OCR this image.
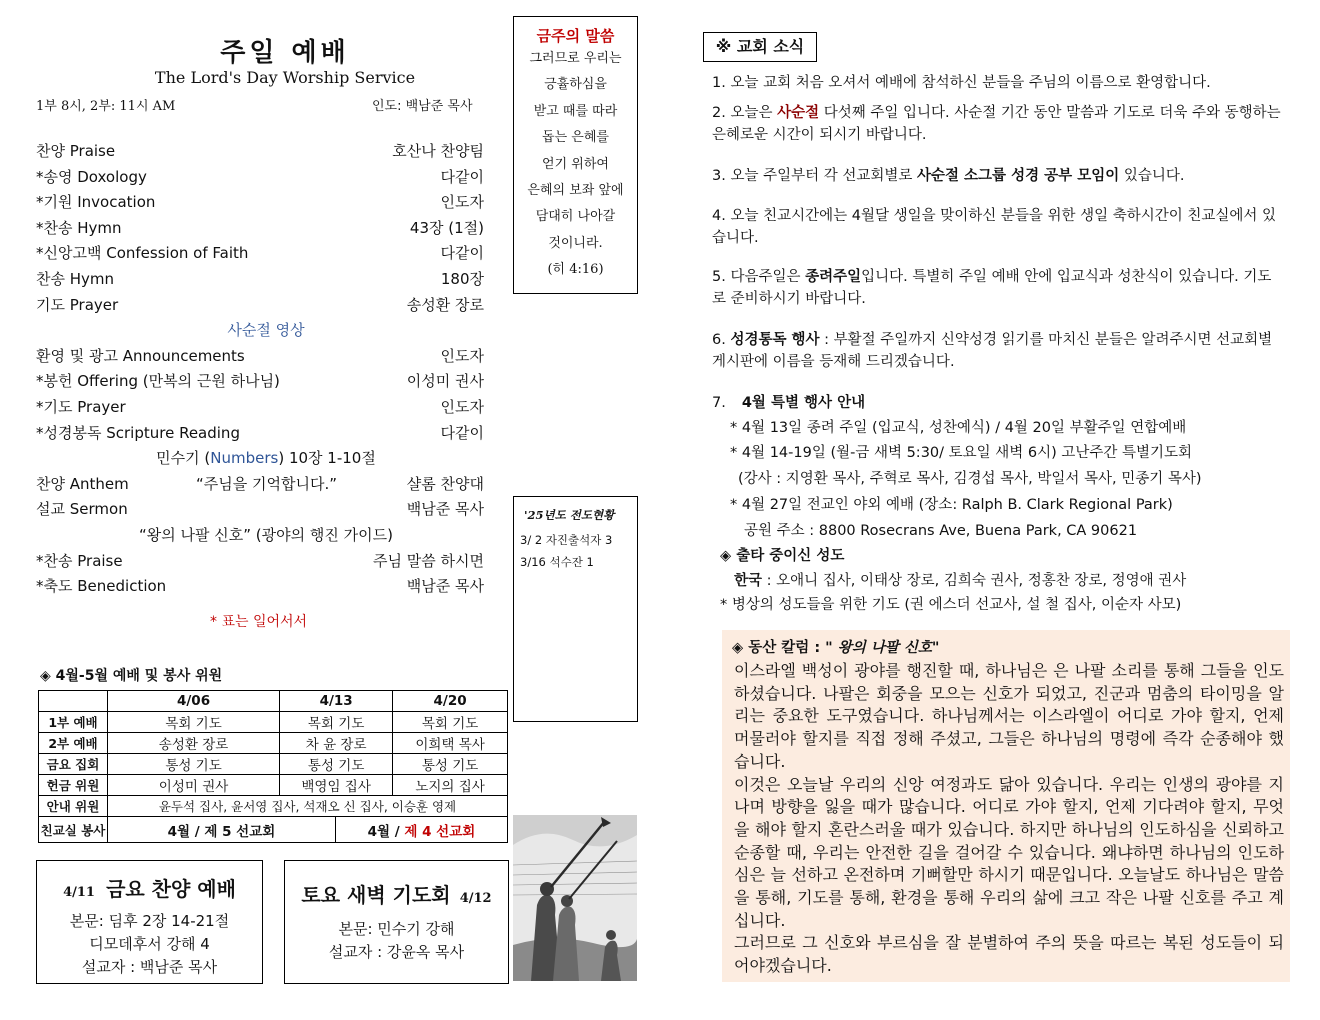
주일 예배
The Lord's Day Worship Service
1부 8시, 2부: 11시 AM	인도: 백남준 목사
찬양 Praise	호산나 찬양팀
*송영 Doxology	다같이
*기원 Invocation	인도자
*찬송 Hymn	43장 (1절)
*신앙고백 Confession of Faith	다같이
찬송 Hymn	180장
기도 Prayer	송성환 장로
사순절 영상
환영 및 광고 Announcements	인도자
*봉헌 Offering (만복의 근원 하나님)	이성미 권사
*기도 Prayer	인도자
*성경봉독 Scripture Reading	다같이
민수기 (Numbers) 10장 1-10절
찬양 Anthem	“주님을 기억합니다.”	샬롬 찬양대
설교 Sermon	백남준 목사
“왕의 나팔 신호” (광야의 행진 가이드)
*찬송 Praise	주님 말씀 하시면
*축도 Benediction	백남준 목사
* 표는 일어서서
금주의 말씀
그러므로 우리는
긍휼하심을
받고 때를 따라
돕는 은혜를
얻기 위하여
은혜의 보좌 앞에
담대히 나아갈
것이니라.
(히 4:16)
'25년도 전도현황
3/ 2 자진출석자 3
3/16 석수잔 1
◈ 4월-5월 예배 및 봉사 위원
	4/06	4/13		4/20
1부 예배	목회 기도	목회 기도		목회 기도
2부 예배	송성환 장로	차 윤 장로		이희택 목사
금요 집회	통성 기도	통성 기도		통성 기도
헌금 위원	이성미 권사	백영임 집사		노지의 집사
안내 위원	윤두석 집사, 윤서영 집사, 석재오 신 집사, 이승훈 영제			
친교실 봉사	4월 / 제 5 선교회		4월 / 제 4 선교회	
4/11 금요 찬양 예배
본문: 딤후 2장 14-21절
디모데후서 강해 4
설교자 : 백남준 목사
토요 새벽 기도회 4/12
본문: 민수기 강해
설교자 : 강윤옥 목사
※ 교회 소식
1. 오늘 교회 처음 오셔서 예배에 참석하신 분들을 주님의 이름으로 환영합니다.
2. 오늘은 사순절 다섯째 주일 입니다. 사순절 기간 동안 말씀과 기도로 더욱 주와 동행하는 은혜로운 시간이 되시기 바랍니다.
3. 오늘 주일부터 각 선교회별로 사순절 소그룹 성경 공부 모임이 있습니다.
4. 오늘 친교시간에는 4월달 생일을 맞이하신 분들을 위한 생일 축하시간이 친교실에서 있습니다.
5. 다음주일은 종려주일입니다. 특별히 주일 예배 안에 입교식과 성찬식이 있습니다. 기도로 준비하시기 바랍니다.
6. 성경통독 행사 : 부활절 주일까지 신약성경 읽기를 마치신 분들은 알려주시면 선교회별 게시판에 이름을 등재해 드리겠습니다.
7. 4월 특별 행사 안내
* 4월 13일 종려 주일 (입교식, 성찬예식) / 4월 20일 부활주일 연합예배
* 4월 14-19일 (월-금 새벽 5:30/ 토요일 새벽 6시) 고난주간 특별기도회
(강사 : 지영환 목사, 주혁로 목사, 김경섭 목사, 박일서 목사, 민종기 목사)
* 4월 27일 전교인 야외 예배 (장소: Ralph B. Clark Regional Park)
공원 주소 : 8800 Rosecrans Ave, Buena Park, CA 90621
◈ 출타 중이신 성도
한국 : 오애니 집사, 이태상 장로, 김희숙 권사, 정홍찬 장로, 정영애 권사
* 병상의 성도들을 위한 기도 (권 에스더 선교사, 설 철 집사, 이순자 사모)
◈ 동산 칼럼 : " 왕의 나팔 신호"

이스라엘 백성이 광야를 행진할 때, 하나님은 은 나팔 소리를 통해 그들을 인도하셨습니다. 나팔은 회중을 모으는 신호가 되었고, 진군과 멈춤의 타이밍을 알리는 중요한 도구였습니다. 하나님께서는 이스라엘이 어디로 가야 할지, 언제 머물러야 할지를 직접 정해 주셨고, 그들은 하나님의 명령에 즉각 순종해야 했습니다.

이것은 오늘날 우리의 신앙 여정과도 닮아 있습니다. 우리는 인생의 광야를 지나며 방향을 잃을 때가 많습니다. 어디로 가야 할지, 언제 기다려야 할지, 무엇을 해야 할지 혼란스러울 때가 있습니다. 하지만 하나님의 인도하심을 신뢰하고 순종할 때, 우리는 안전한 길을 걸어갈 수 있습니다. 왜냐하면 하나님의 인도하심은 늘 선하고 온전하며 기뻐할만 하시기 때문입니다. 오늘날도 하나님은 말씀을 통해, 기도를 통해, 환경을 통해 우리의 삶에 크고 작은 나팔 신호를 주고 계십니다.

그러므로 그 신호와 부르심을 잘 분별하여 주의 뜻을 따르는 복된 성도들이 되어야겠습니다.
